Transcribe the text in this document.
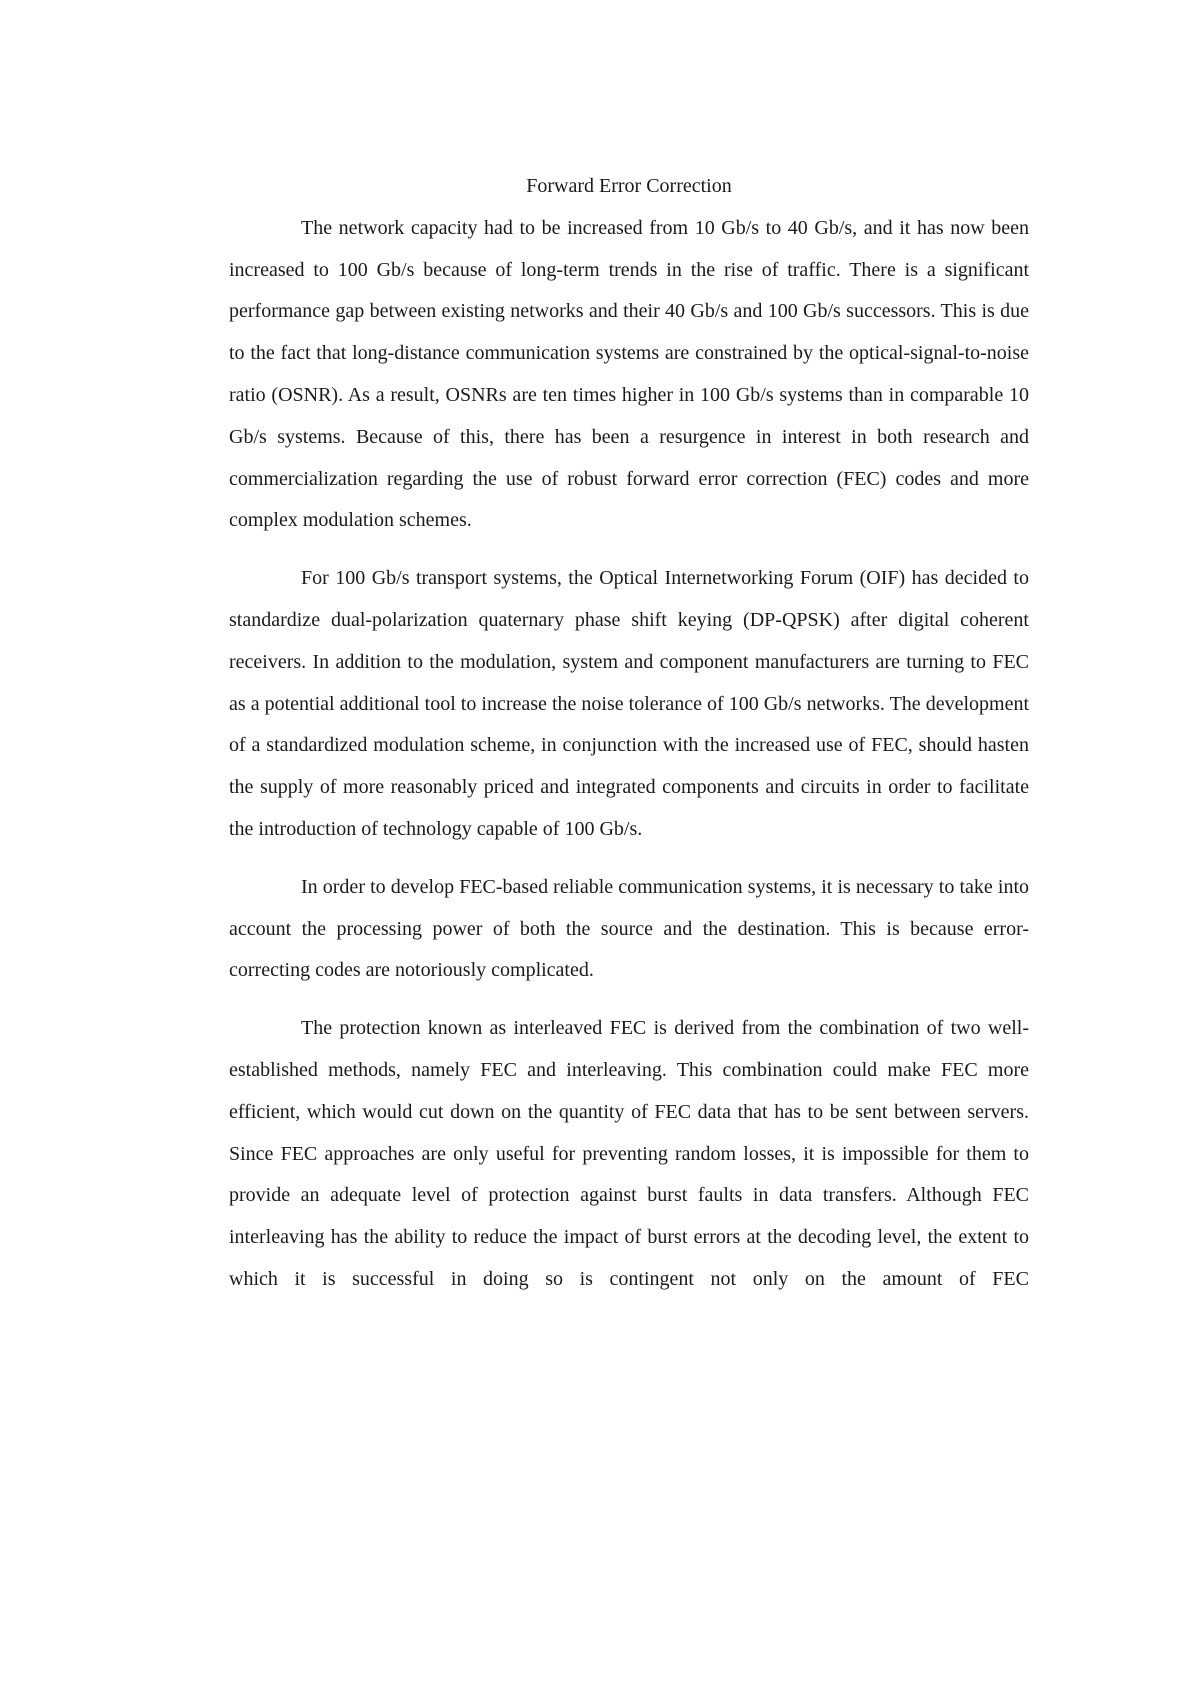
Forward Error Correction

The network capacity had to be increased from 10 Gb/s to 40 Gb/s, and it has now been increased to 100 Gb/s because of long-term trends in the rise of traffic. There is a significant performance gap between existing networks and their 40 Gb/s and 100 Gb/s successors. This is due to the fact that long-distance communication systems are constrained by the optical-signal-to-noise ratio (OSNR). As a result, OSNRs are ten times higher in 100 Gb/s systems than in comparable 10 Gb/s systems. Because of this, there has been a resurgence in interest in both research and commercialization regarding the use of robust forward error correction (FEC) codes and more complex modulation schemes.

For 100 Gb/s transport systems, the Optical Internetworking Forum (OIF) has decided to standardize dual-polarization quaternary phase shift keying (DP-QPSK) after digital coherent receivers. In addition to the modulation, system and component manufacturers are turning to FEC as a potential additional tool to increase the noise tolerance of 100 Gb/s networks. The development of a standardized modulation scheme, in conjunction with the increased use of FEC, should hasten the supply of more reasonably priced and integrated components and circuits in order to facilitate the introduction of technology capable of 100 Gb/s.

In order to develop FEC-based reliable communication systems, it is necessary to take into account the processing power of both the source and the destination. This is because error-correcting codes are notoriously complicated.

The protection known as interleaved FEC is derived from the combination of two well-established methods, namely FEC and interleaving. This combination could make FEC more efficient, which would cut down on the quantity of FEC data that has to be sent between servers. Since FEC approaches are only useful for preventing random losses, it is impossible for them to provide an adequate level of protection against burst faults in data transfers. Although FEC interleaving has the ability to reduce the impact of burst errors at the decoding level, the extent to which it is successful in doing so is contingent not only on the amount of FEC
